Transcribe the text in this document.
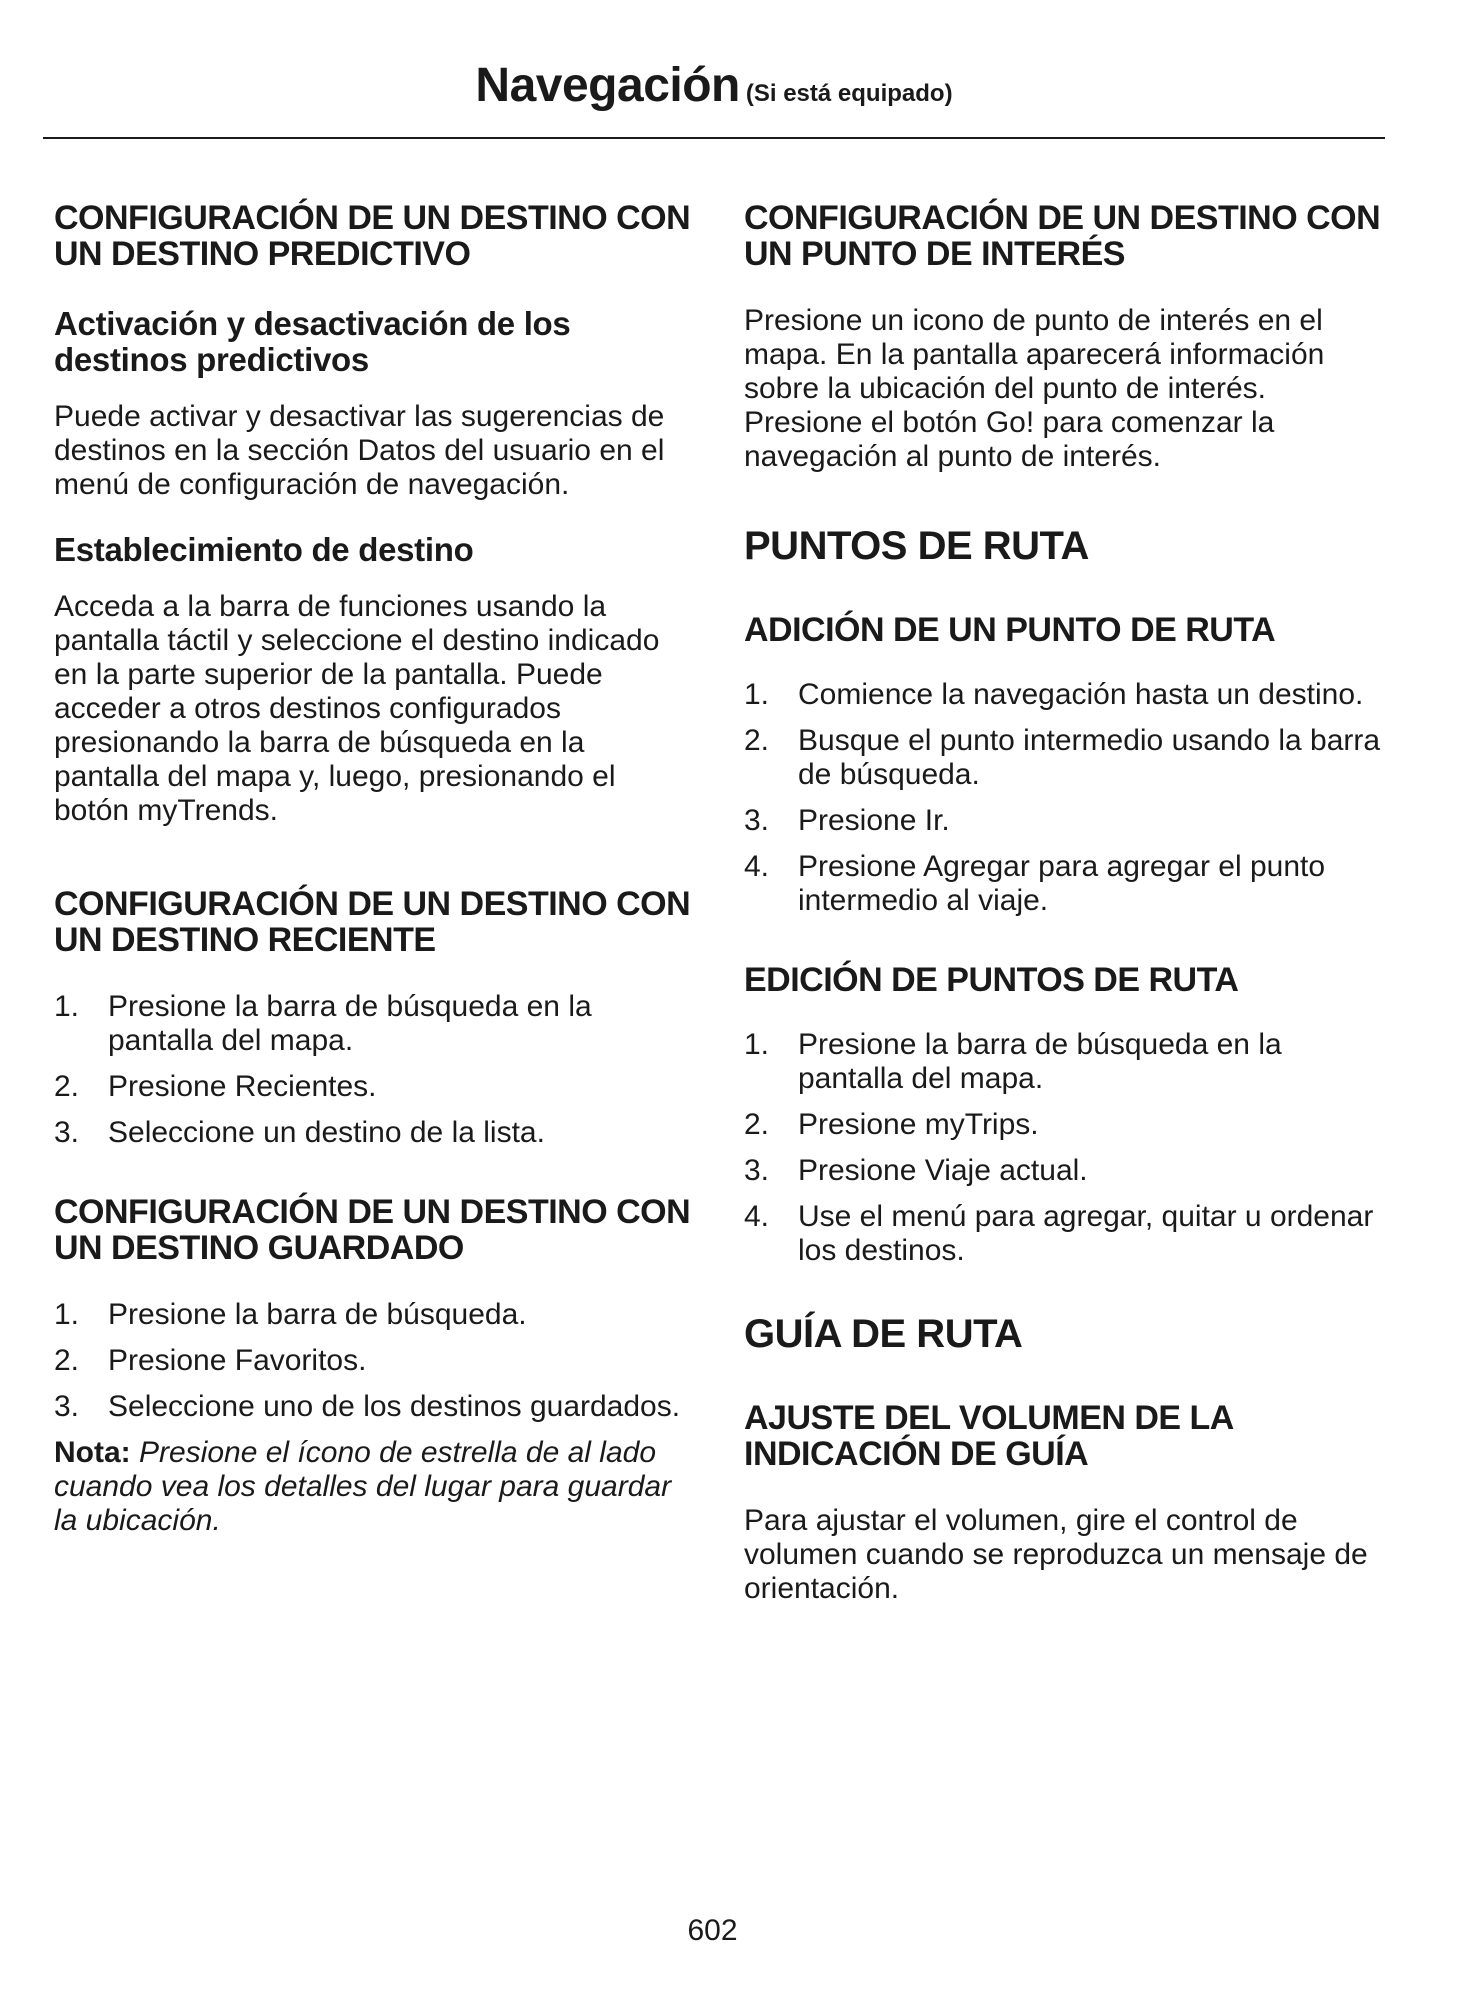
Navegación (Si está equipado)
CONFIGURACIÓN DE UN DESTINO CON UN DESTINO PREDICTIVO
Activación y desactivación de los destinos predictivos

Puede activar y desactivar las sugerencias de destinos en la sección Datos del usuario en el menú de configuración de navegación.

Establecimiento de destino

Acceda a la barra de funciones usando la pantalla táctil y seleccione el destino indicado en la parte superior de la pantalla. Puede acceder a otros destinos configurados presionando la barra de búsqueda en la pantalla del mapa y, luego, presionando el botón myTrends.

CONFIGURACIÓN DE UN DESTINO CON UN DESTINO RECIENTE
1. Presione la barra de búsqueda en la pantalla del mapa.
2. Presione Recientes.
3. Seleccione un destino de la lista.
CONFIGURACIÓN DE UN DESTINO CON UN DESTINO GUARDADO
1. Presione la barra de búsqueda.
2. Presione Favoritos.
3. Seleccione uno de los destinos guardados.

Nota: Presione el ícono de estrella de al lado cuando vea los detalles del lugar para guardar la ubicación.

CONFIGURACIÓN DE UN DESTINO CON UN PUNTO DE INTERÉS

Presione un icono de punto de interés en el mapa. En la pantalla aparecerá información sobre la ubicación del punto de interés. Presione el botón Go! para comenzar la navegación al punto de interés.

PUNTOS DE RUTA
ADICIÓN DE UN PUNTO DE RUTA
1. Comience la navegación hasta un destino.
2. Busque el punto intermedio usando la barra de búsqueda.
3. Presione Ir.
4. Presione Agregar para agregar el punto intermedio al viaje.
EDICIÓN DE PUNTOS DE RUTA
1. Presione la barra de búsqueda en la pantalla del mapa.
2. Presione myTrips.
3. Presione Viaje actual.
4. Use el menú para agregar, quitar u ordenar los destinos.
GUÍA DE RUTA
AJUSTE DEL VOLUMEN DE LA INDICACIÓN DE GUÍA

Para ajustar el volumen, gire el control de volumen cuando se reproduzca un mensaje de orientación.

602
